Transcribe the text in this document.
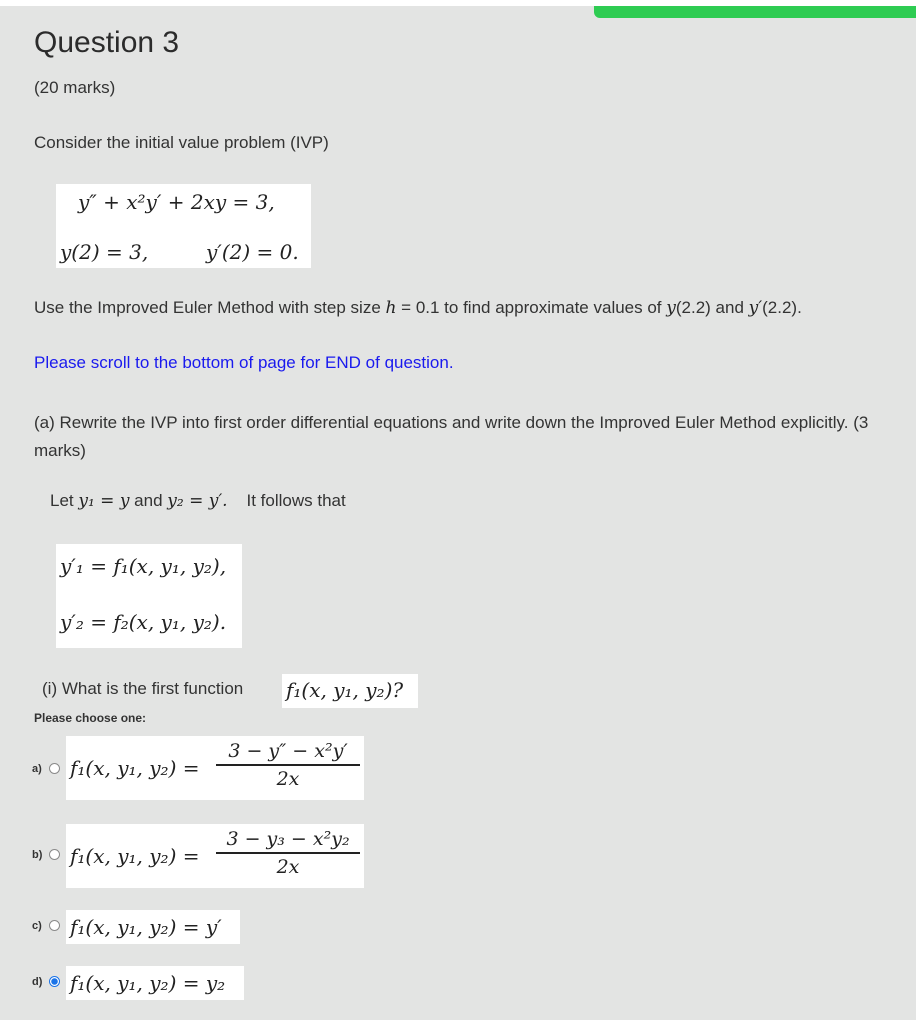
Question 3
(20 marks)
Consider the initial value problem (IVP)
y″ + x²y′ + 2xy = 3,
y(2) = 3,	y′(2) = 0.
Use the Improved Euler Method with step size h = 0.1 to find approximate values of y(2.2) and y′(2.2).
Please scroll to the bottom of page for END of question.
(a) Rewrite the IVP into first order differential equations and write down the Improved Euler Method explicitly. (3 marks)
Let y₁ = y and y₂ = y′.    It follows that
y′₁ = f₁(x, y₁, y₂),
y′₂ = f₂(x, y₁, y₂).
(i) What is the first function f₁(x, y₁, y₂)?
Please choose one:
a) f₁(x, y₁, y₂) =
3 − y″ − x²y′
2x
b) f₁(x, y₁, y₂) =
3 − y₃ − x²y₂
2x
c) f₁(x, y₁, y₂) = y′
d) f₁(x, y₁, y₂) = y₂
